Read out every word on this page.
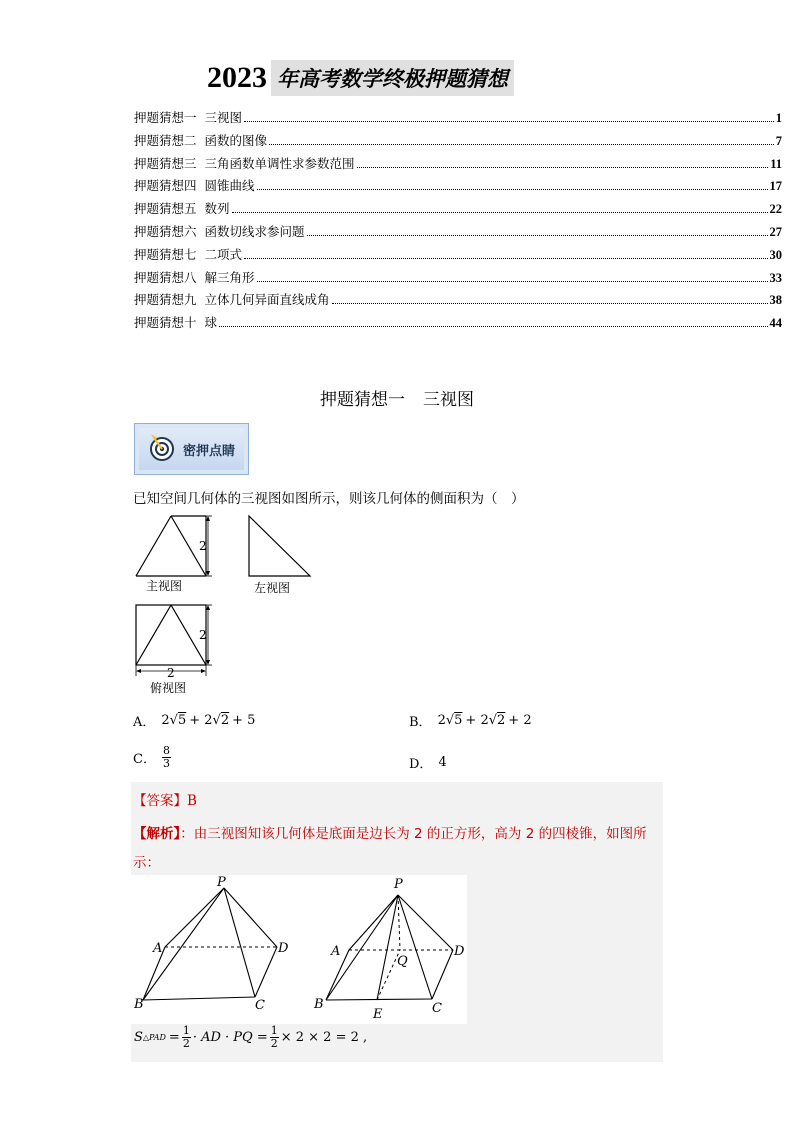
2023 年高考数学终极押题猜想
押题猜想一 三视图	1
押题猜想二 函数的图像	7
押题猜想三 三角函数单调性求参数范围	11
押题猜想四 圆锥曲线	17
押题猜想五 数列	22
押题猜想六 函数切线求参问题	27
押题猜想七 二项式	30
押题猜想八 解三角形	33
押题猜想九 立体几何异面直线成角	38
押题猜想十 球	44
押题猜想一 三视图
密押点睛
已知空间几何体的三视图如图所示，则该几何体的侧面积为（　）
2
主视图	左视图
2
2
俯视图
A． 2 √ 5 + 2 √ 2 + 5	B． 2 √ 5 + 2 √ 2 + 2
C． $\frac{8}{3}$	D． 4
【答案】B
【解析】：由三视图知该几何体是底面是边长为 2 的正方形，高为 2 的四棱锥，如图所示：
P
A	D
B	C
P
A	D
Q
B
E	C
S △PAD = $\frac{1}{2}$ · AD · PQ = $\frac{1}{2} \times 2 \times 2 = 2$ ,
